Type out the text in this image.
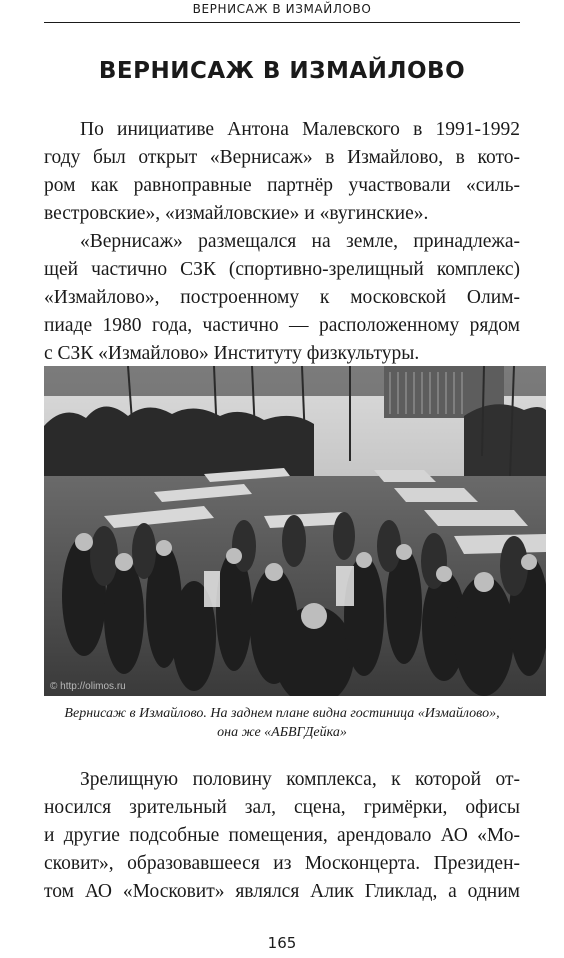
ВЕРНИСАЖ В ИЗМАЙЛОВО
ВЕРНИСАЖ В ИЗМАЙЛОВО

По инициативе Антона Малевского в 1991-1992

году был открыт «Вернисаж» в Измайлово, в кото-

ром как равноправные партнёр участвовали «силь-

вестровские», «измайловские» и «вугинские».

«Вернисаж» размещался на земле, принадлежа-

щей частично СЗК (спортивно-зрелищный комплекс)

«Измайлово», построенному к московской Олим-

пиаде 1980 года, частично — расположенному рядом

с СЗК «Измайлово» Институту физкультуры.

© http://olimos.ru

Вернисаж в Измайлово. На заднем плане видна гостиница «Измайлово»,

она же «АБВГДейка»

Зрелищную половину комплекса, к которой от-

носился зрительный зал, сцена, гримёрки, офисы

и другие подсобные помещения, арендовало АО «Мо-

сковит», образовавшееся из Москонцерта. Президен-

том АО «Московит» являлся Алик Гликлад, а одним

165
